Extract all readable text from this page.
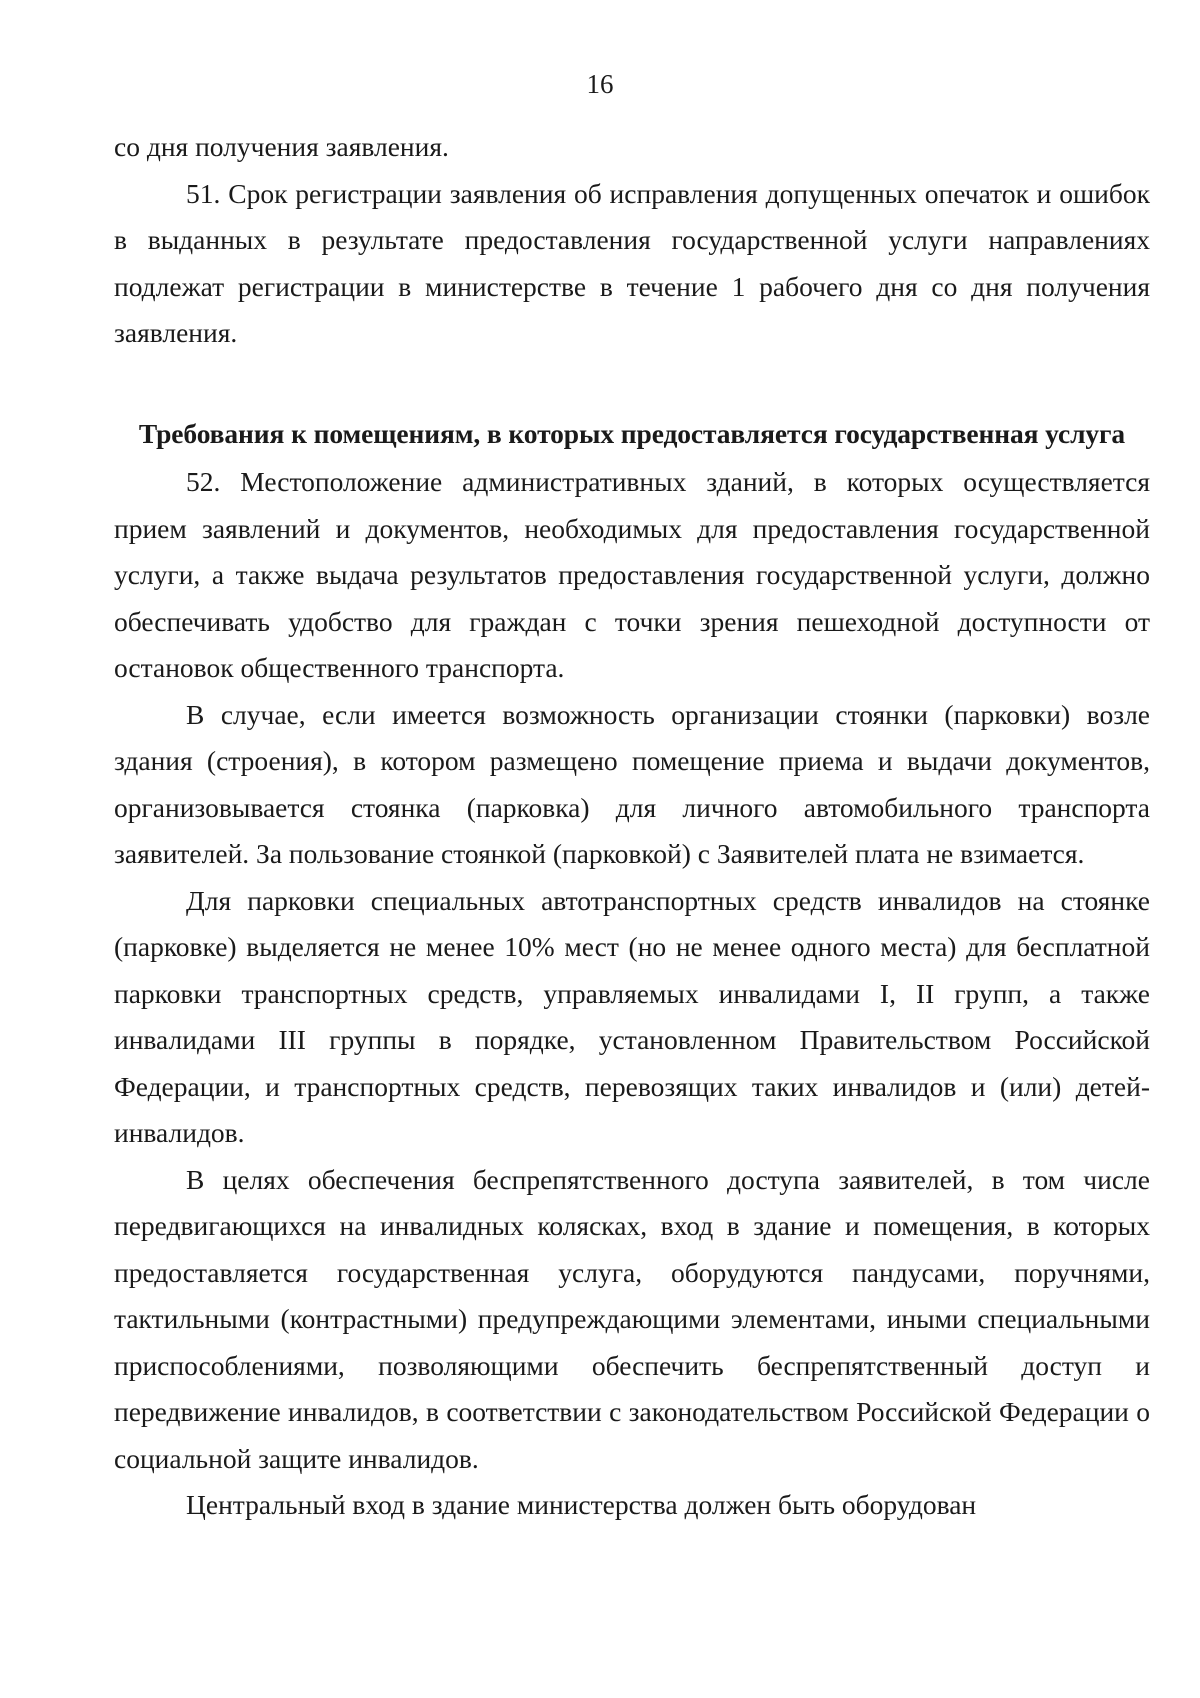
16

со дня получения заявления.

51. Срок регистрации заявления об исправления допущенных опечаток и ошибок в выданных в результате предоставления государственной услуги направлениях подлежат регистрации в министерстве в течение 1 рабочего дня со дня получения заявления.

Требования к помещениям, в которых предоставляется государственная услуга

52. Местоположение административных зданий, в которых осуществляется прием заявлений и документов, необходимых для предоставления государственной услуги, а также выдача результатов предоставления государственной услуги, должно обеспечивать удобство для граждан с точки зрения пешеходной доступности от остановок общественного транспорта.

В случае, если имеется возможность организации стоянки (парковки) возле здания (строения), в котором размещено помещение приема и выдачи документов, организовывается стоянка (парковка) для личного автомобильного транспорта заявителей. За пользование стоянкой (парковкой) с Заявителей плата не взимается.

Для парковки специальных автотранспортных средств инвалидов на стоянке (парковке) выделяется не менее 10% мест (но не менее одного места) для бесплатной парковки транспортных средств, управляемых инвалидами I, II групп, а также инвалидами III группы в порядке, установленном Правительством Российской Федерации, и транспортных средств, перевозящих таких инвалидов и (или) детей-инвалидов.

В целях обеспечения беспрепятственного доступа заявителей, в том числе передвигающихся на инвалидных колясках, вход в здание и помещения, в которых предоставляется государственная услуга, оборудуются пандусами, поручнями, тактильными (контрастными) предупреждающими элементами, иными специальными приспособлениями, позволяющими обеспечить беспрепятственный доступ и передвижение инвалидов, в соответствии с законодательством Российской Федерации о социальной защите инвалидов.

Центральный вход в здание министерства должен быть оборудован
